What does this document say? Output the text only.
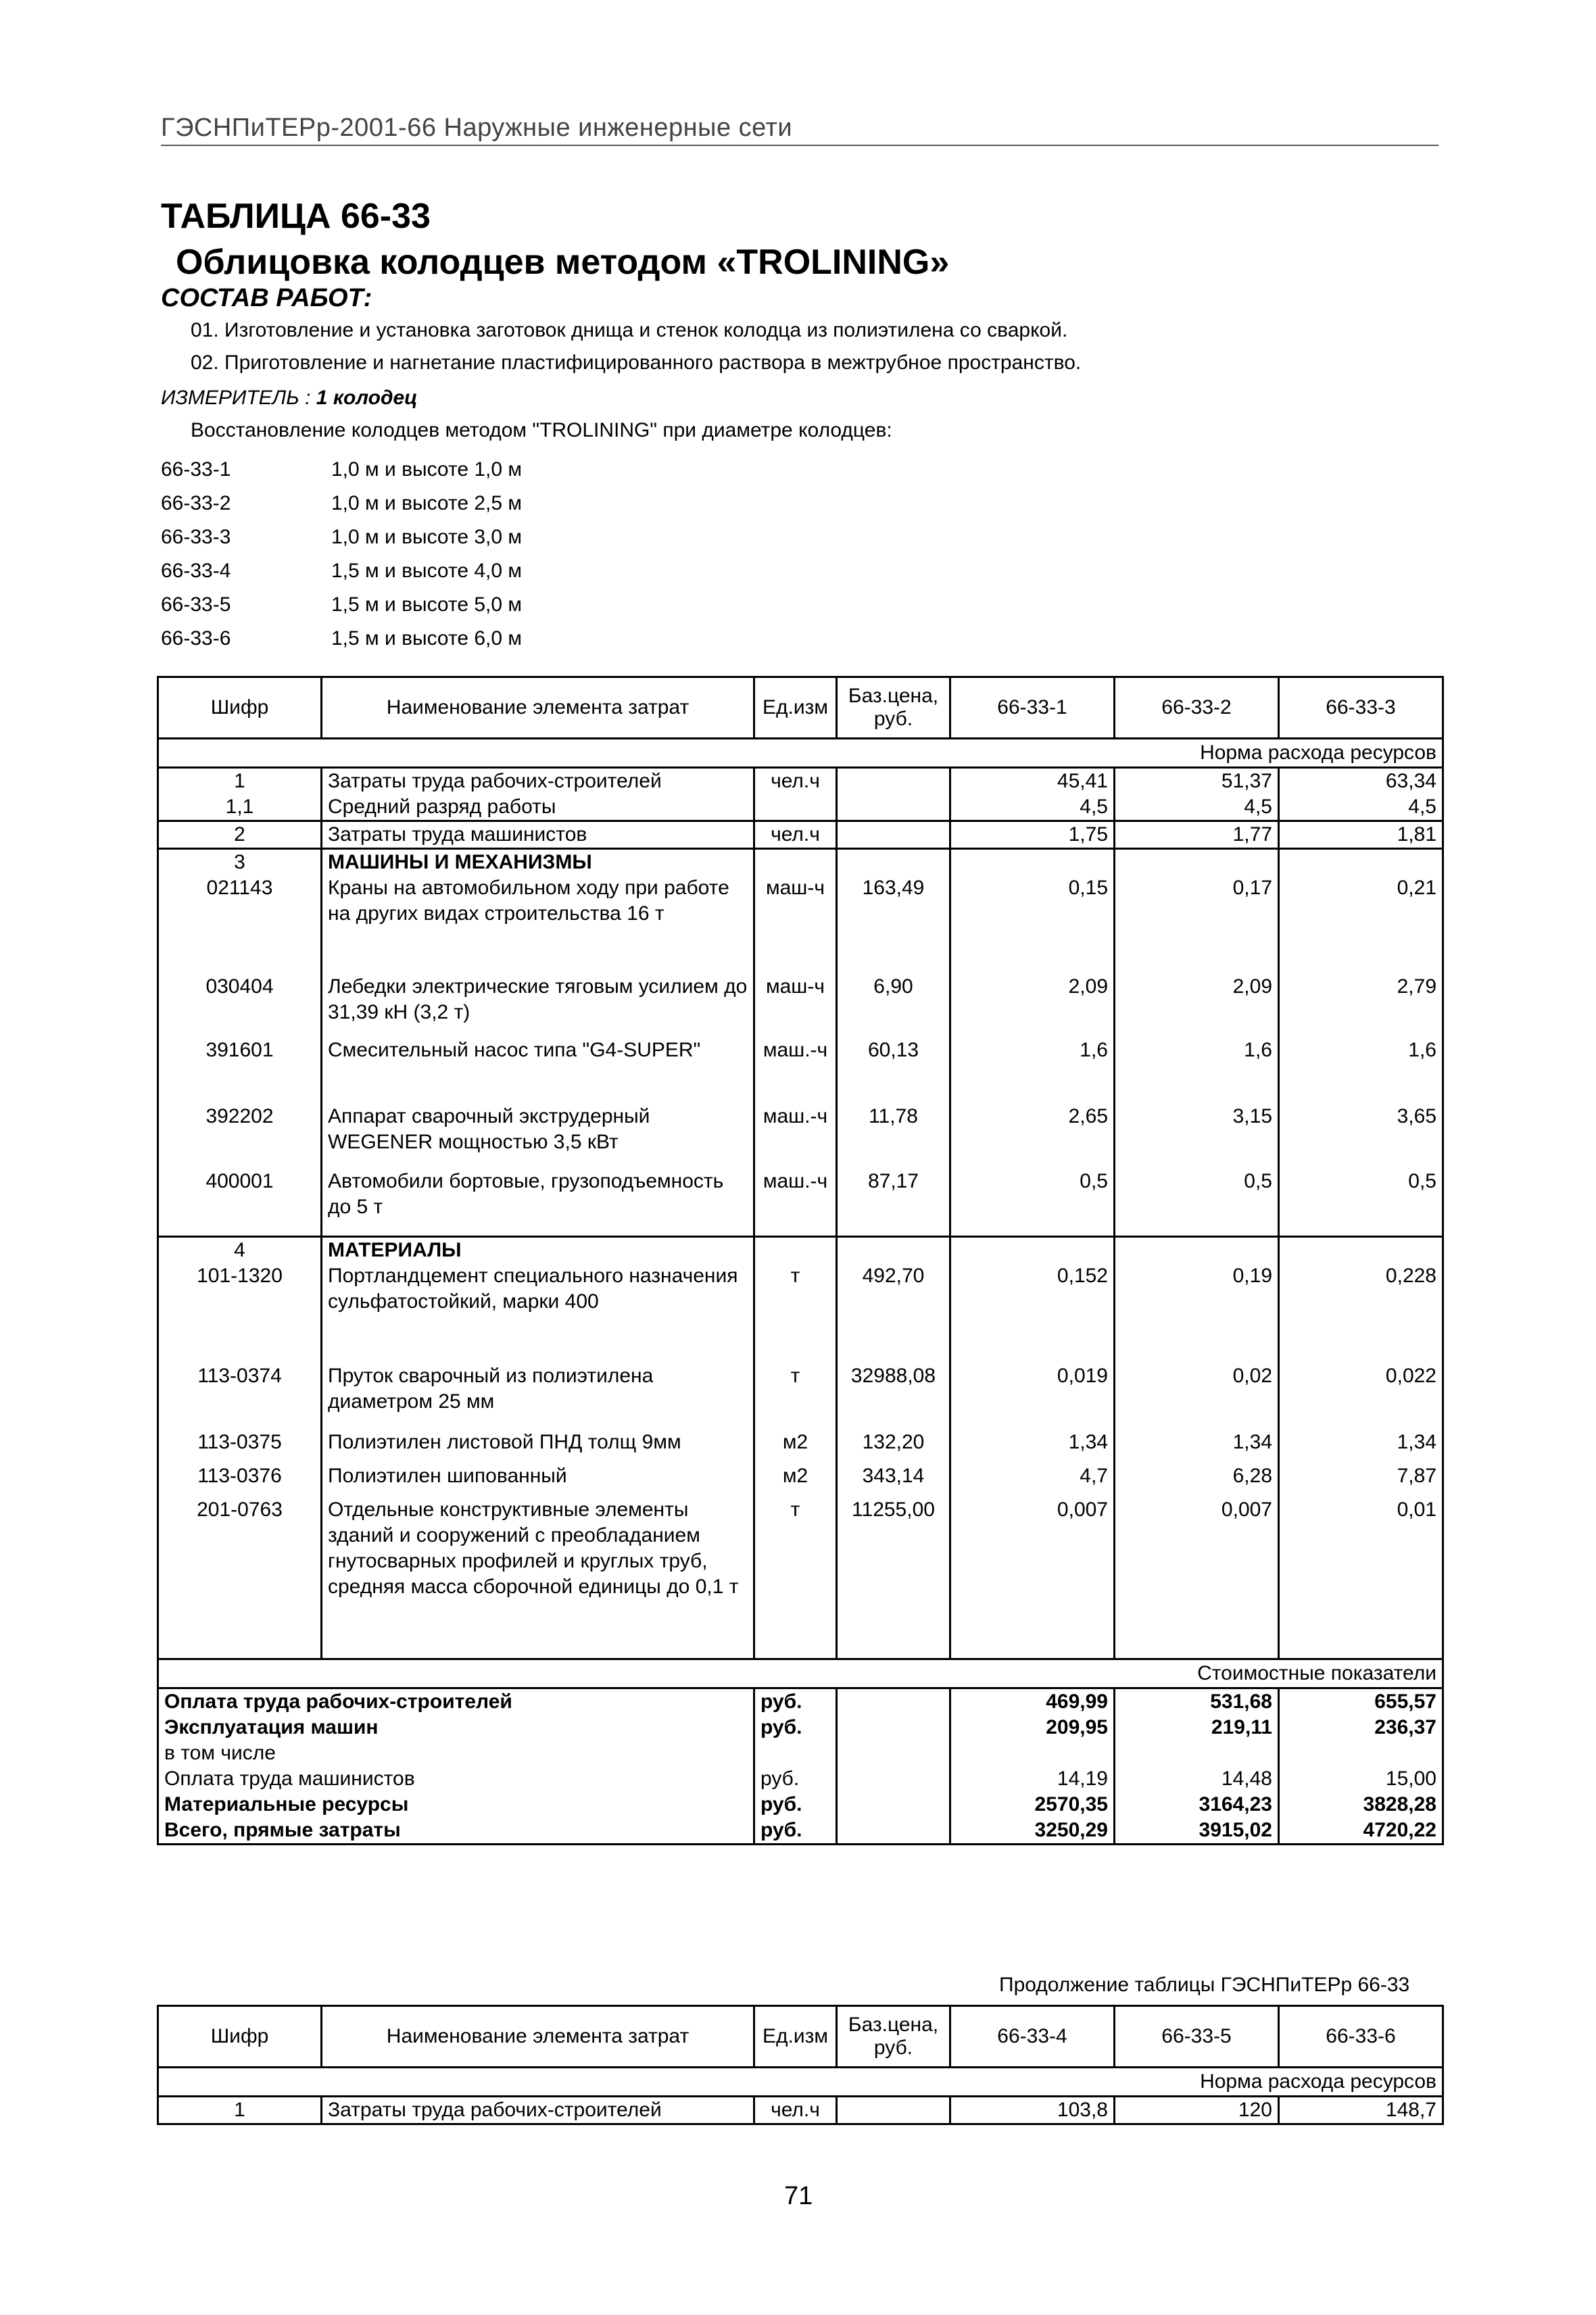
ГЭСНПиТЕРр-2001-66 Наружные инженерные сети
ТАБЛИЦА 66-33
Облицовка колодцев методом «TROLINING»
СОСТАВ РАБОТ:
01. Изготовление и установка заготовок днища и стенок колодца из полиэтилена со сваркой.
02. Приготовление и нагнетание пластифицированного раствора в межтрубное пространство.
ИЗМЕРИТЕЛЬ : 1 колодец
Восстановление колодцев методом "TROLINING" при диаметре колодцев:
66-33-1	1,0 м и высоте 1,0 м
66-33-2	1,0 м и высоте 2,5 м
66-33-3	1,0 м и высоте 3,0 м
66-33-4	1,5 м и высоте 4,0 м
66-33-5	1,5 м и высоте 5,0 м
66-33-6	1,5 м и высоте 6,0 м
Шифр	Наименование элемента затрат	Ед.изм	Баз.цена, руб.	66-33-1	66-33-2	66-33-3
Норма расхода ресурсов						
1	Затраты труда рабочих-строителей	чел.ч		45,41	51,37	63,34
1,1	Средний разряд работы			4,5	4,5	4,5
2	Затраты труда машинистов	чел.ч		1,75	1,77	1,81
3	МАШИНЫ И МЕХАНИЗМЫ					
021143	Краны на автомобильном ходу при работе на других видах строительства 16 т	маш-ч	163,49	0,15	0,17	0,21
030404	Лебедки электрические тяговым усилием до 31,39 кН (3,2 т)	маш-ч	6,90	2,09	2,09	2,79
391601	Смесительный насос типа "G4-SUPER"	маш.-ч	60,13	1,6	1,6	1,6
392202	Аппарат сварочный экструдерный WEGENER мощностью 3,5 кВт	маш.-ч	11,78	2,65	3,15	3,65
400001	Автомобили бортовые, грузоподъемность до 5 т	маш.-ч	87,17	0,5	0,5	0,5
4	МАТЕРИАЛЫ					
101-1320	Портландцемент специального назначения сульфатостойкий, марки 400	т	492,70	0,152	0,19	0,228
113-0374	Пруток сварочный из полиэтилена диаметром 25 мм	т	32988,08	0,019	0,02	0,022
113-0375	Полиэтилен листовой ПНД толщ 9мм	м2	132,20	1,34	1,34	1,34
113-0376	Полиэтилен шипованный	м2	343,14	4,7	6,28	7,87
201-0763	Отдельные конструктивные элементы зданий и сооружений с преобладанием гнутосварных профилей и круглых труб, средняя масса сборочной единицы до 0,1 т	т	11255,00	0,007	0,007	0,01
Стоимостные показатели						
Оплата труда рабочих-строителей		руб.		469,99	531,68	655,57
Эксплуатация машин		руб.		209,95	219,11	236,37
в том числе						
Оплата труда машинистов		руб.		14,19	14,48	15,00
Материальные ресурсы		руб.		2570,35	3164,23	3828,28
Всего, прямые затраты		руб.		3250,29	3915,02	4720,22
Продолжение таблицы ГЭСНПиТЕРр 66-33
Шифр	Наименование элемента затрат	Ед.изм	Баз.цена, руб.	66-33-4	66-33-5	66-33-6
Норма расхода ресурсов						
1	Затраты труда рабочих-строителей	чел.ч		103,8	120	148,7
71
